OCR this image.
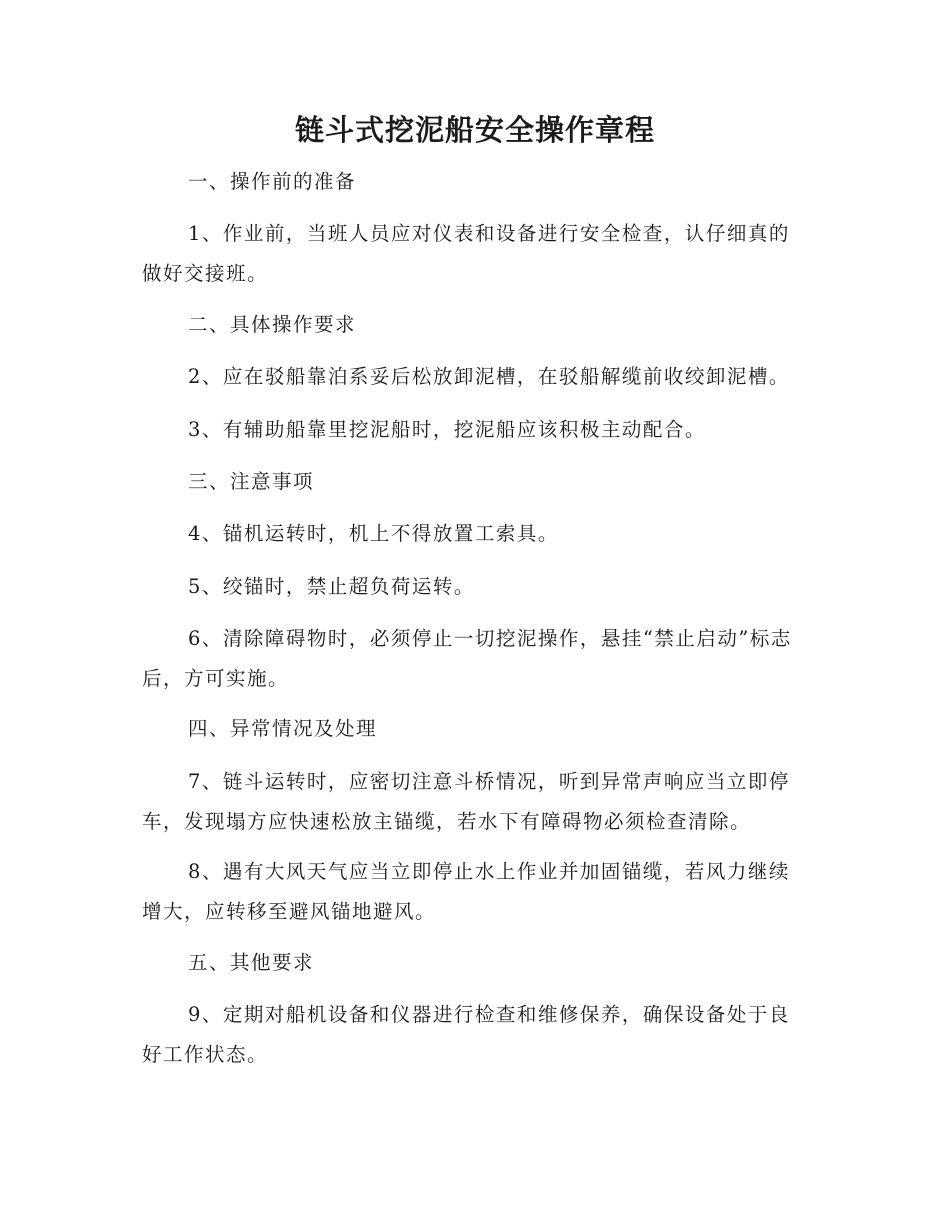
链斗式挖泥船安全操作章程

一、操作前的准备

1、作业前，当班人员应对仪表和设备进行安全检查，认仔细真的做好交接班。

二、具体操作要求

2、应在驳船靠泊系妥后松放卸泥槽，在驳船解缆前收绞卸泥槽。

3、有辅助船靠里挖泥船时，挖泥船应该积极主动配合。

三、注意事项

4、锚机运转时，机上不得放置工索具。

5、绞锚时，禁止超负荷运转。

6、清除障碍物时，必须停止一切挖泥操作，悬挂“禁止启动”标志后，方可实施。

四、异常情况及处理

7、链斗运转时，应密切注意斗桥情况，听到异常声响应当立即停车，发现塌方应快速松放主锚缆，若水下有障碍物必须检查清除。

8、遇有大风天气应当立即停止水上作业并加固锚缆，若风力继续增大，应转移至避风锚地避风。

五、其他要求

9、定期对船机设备和仪器进行检查和维修保养，确保设备处于良好工作状态。
